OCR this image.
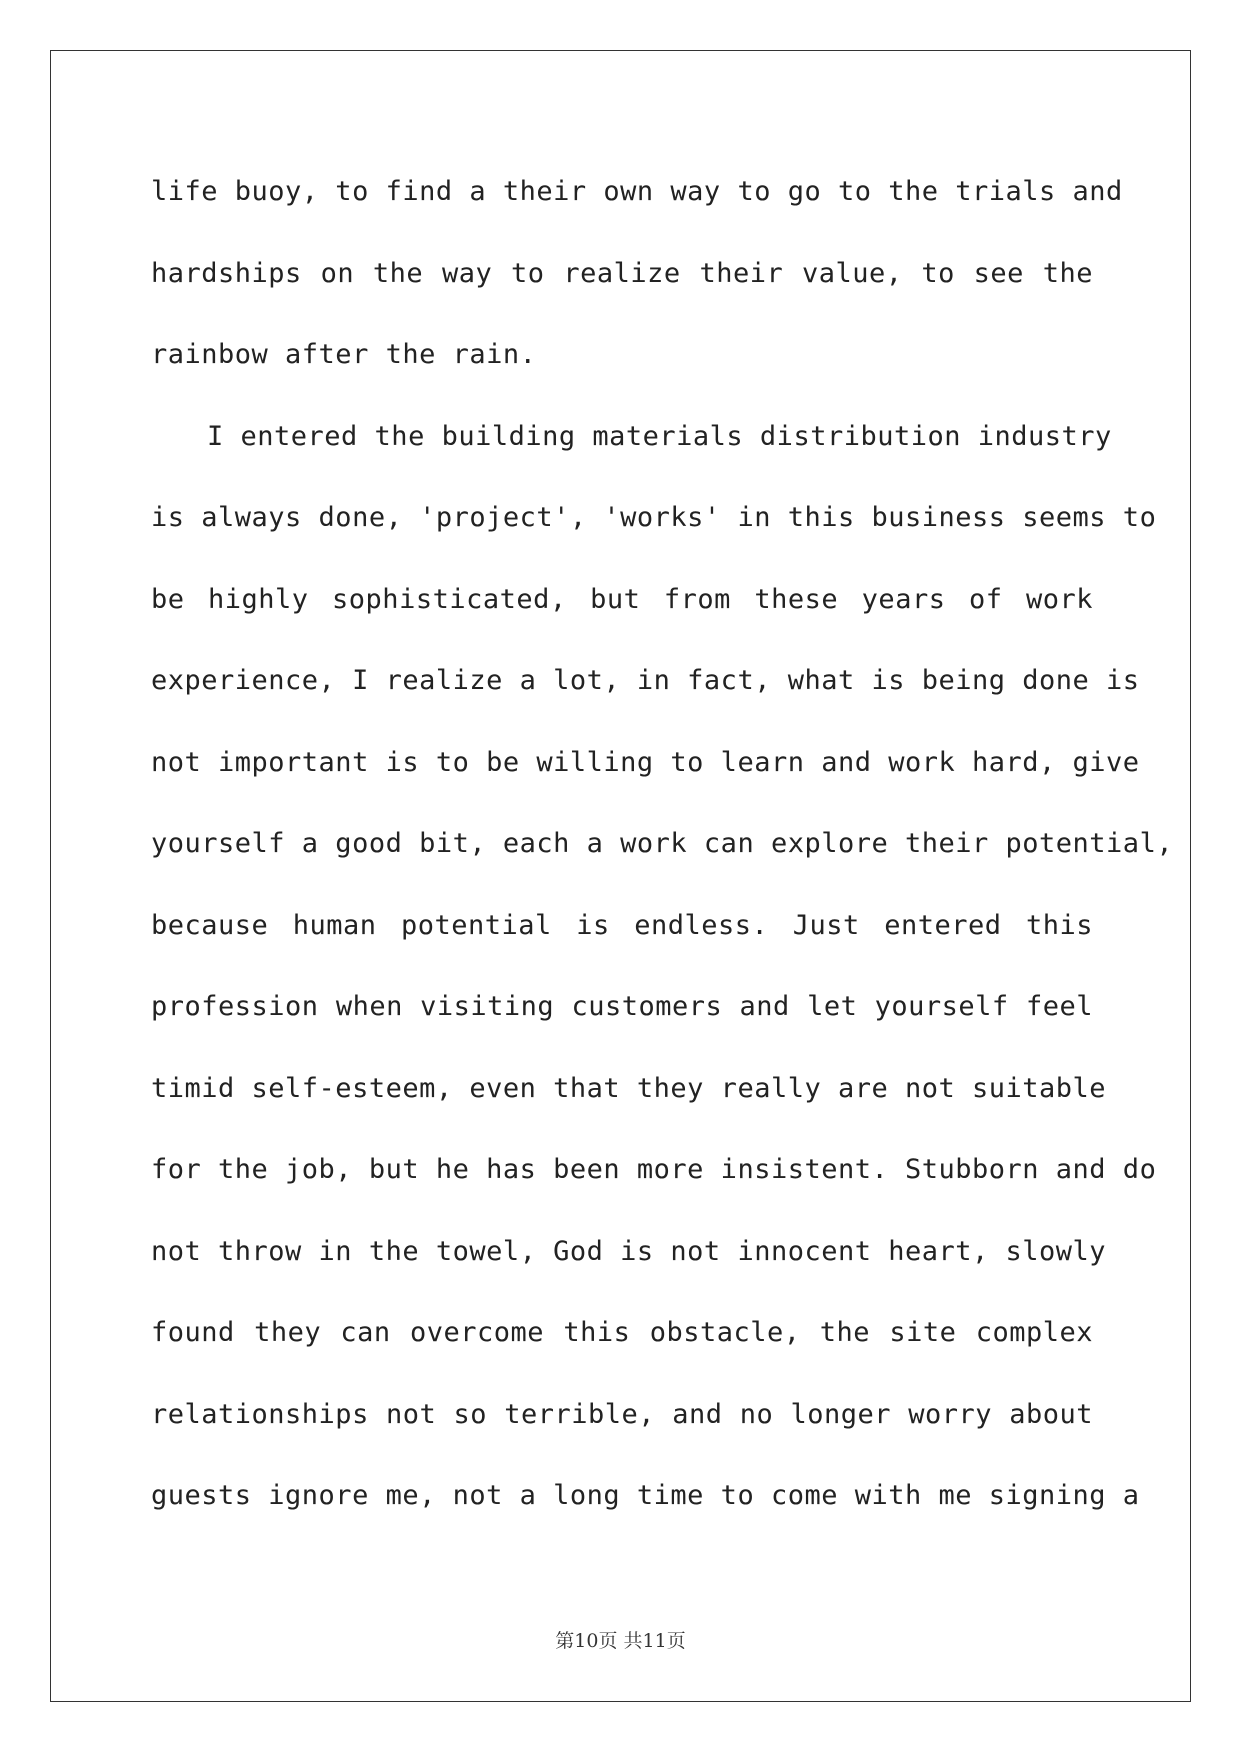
life buoy, to find a their own way to go to the trials and
hardships on the way to realize their value, to see the
rainbow after the rain.
I entered the building materials distribution industry
is always done, 'project', 'works' in this business seems to
be highly sophisticated, but from these years of work
experience, I realize a lot, in fact, what is being done is
not important is to be willing to learn and work hard, give
yourself a good bit, each a work can explore their potential,
because human potential is endless. Just entered this
profession when visiting customers and let yourself feel
timid self-esteem, even that they really are not suitable
for the job, but he has been more insistent. Stubborn and do
not throw in the towel, God is not innocent heart, slowly
found they can overcome this obstacle, the site complex
relationships not so terrible, and no longer worry about
guests ignore me, not a long time to come with me signing a
第10页 共11页
